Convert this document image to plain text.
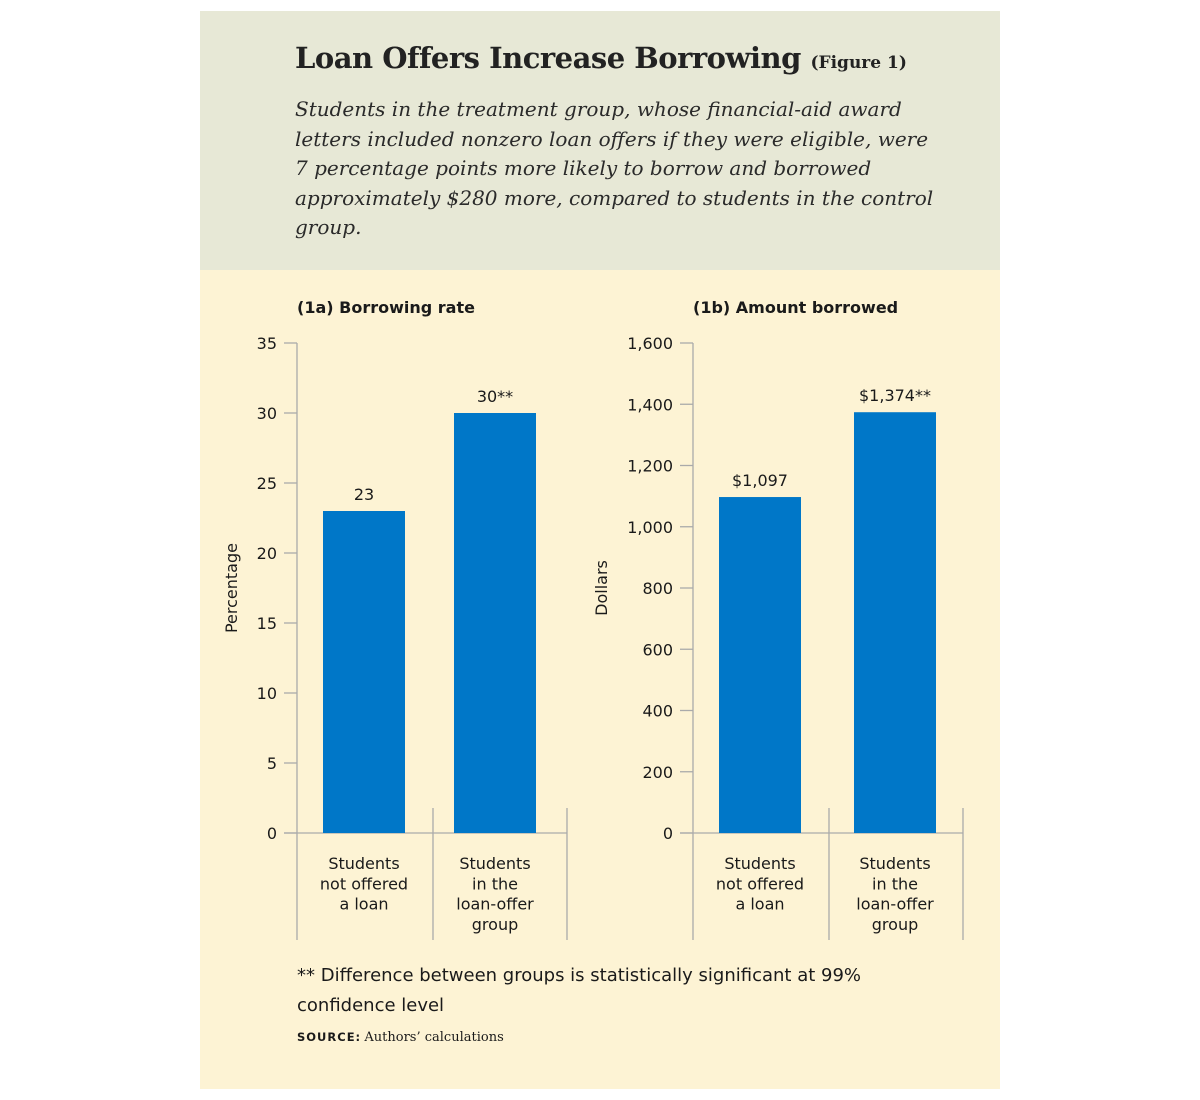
Loan Offers Increase Borrowing (Figure 1)

Students in the treatment group, whose financial-aid award letters included nonzero loan offers if they were eligible, were 7 percentage points more likely to borrow and borrowed approximately $280 more, compared to students in the control group.

(1a) Borrowing rate
0
5
10
15
20
25
30
35
Percentage
23
Students
not offered
a loan
30**
Students
in the
loan-offer
group
(1b) Amount borrowed
0
200
400
600
800
1,000
1,200
1,400
1,600
Dollars
$1,097
Students
not offered
a loan
$1,374**
Students
in the
loan-offer
group

** Difference between groups is statistically significant at 99% confidence level

SOURCE: Authors’ calculations
